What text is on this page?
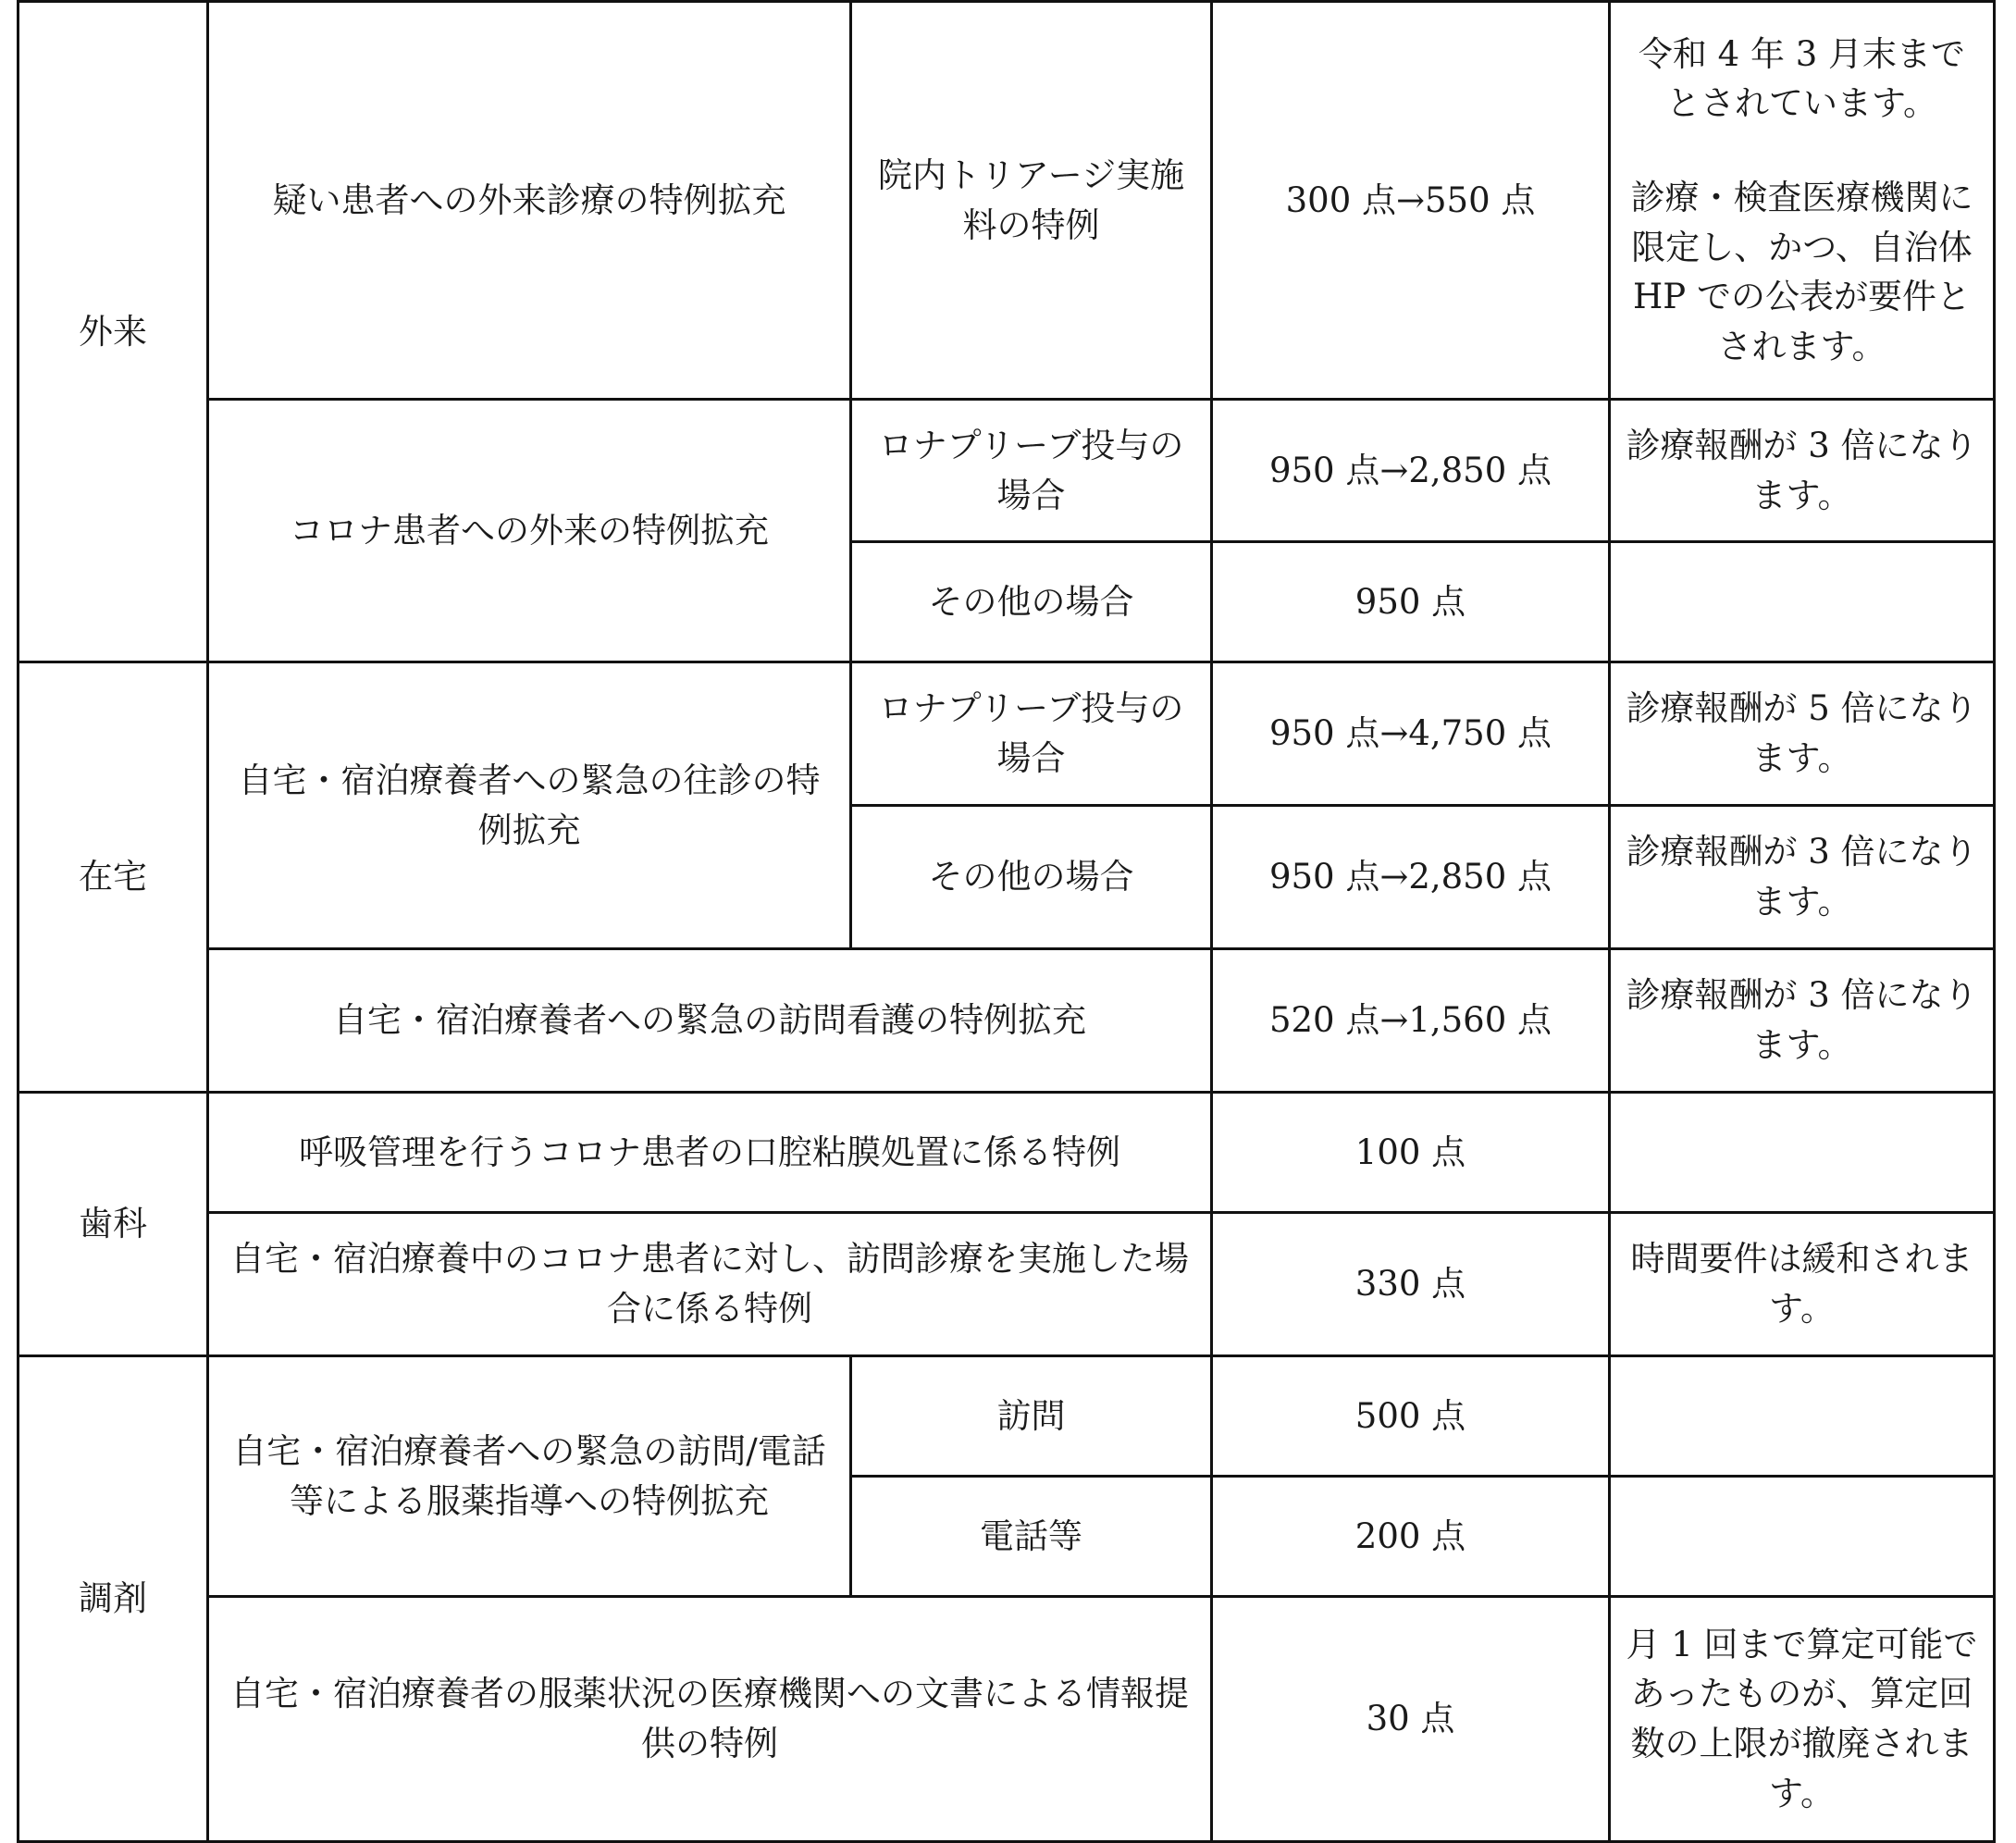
外来	疑い患者への外来診療の特例拡充	院内トリアージ実施料の特例	300 点→550 点	令和 4 年 3 月末までとされています。
診療・検査医療機関に限定し、かつ、自治体 HP での公表が要件とされます。

	コロナ患者への外来の特例拡充	ロナプリーブ投与の場合	950 点→2,850 点	診療報酬が 3 倍になります。
		その他の場合	950 点	
在宅	自宅・宿泊療養者への緊急の往診の特例拡充	ロナプリーブ投与の場合	950 点→4,750 点	診療報酬が 5 倍になります。
		その他の場合	950 点→2,850 点	診療報酬が 3 倍になります。
	自宅・宿泊療養者への緊急の訪問看護の特例拡充		520 点→1,560 点	診療報酬が 3 倍になります。
歯科	呼吸管理を行うコロナ患者の口腔粘膜処置に係る特例		100 点	
	自宅・宿泊療養中のコロナ患者に対し、訪問診療を実施した場合に係る特例		330 点	時間要件は緩和されます。
調剤	自宅・宿泊療養者への緊急の訪問/電話等による服薬指導への特例拡充	訪問	500 点	
		電話等	200 点	
	自宅・宿泊療養者の服薬状況の医療機関への文書による情報提供の特例		30 点	月 1 回まで算定可能であったものが、算定回数の上限が撤廃されます。
